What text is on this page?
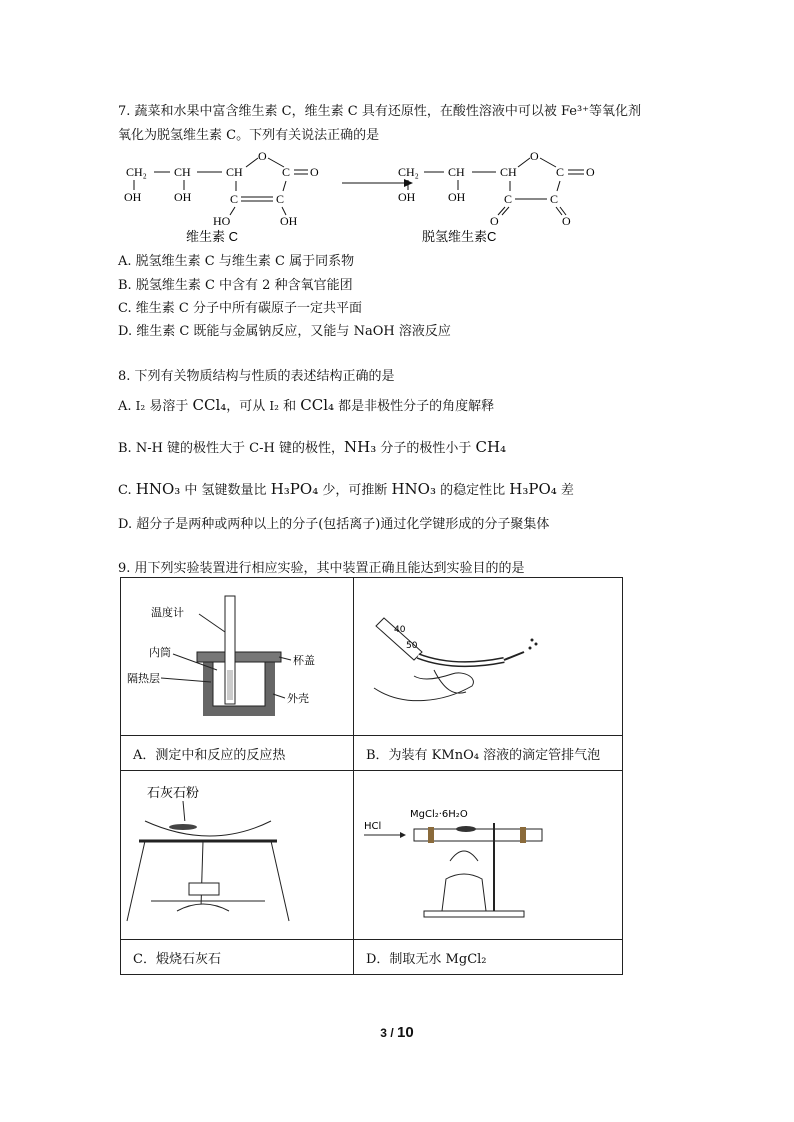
7. 蔬菜和水果中富含维生素 C，维生素 C 具有还原性，在酸性溶液中可以被 Fe³⁺等氧化剂
氧化为脱氢维生素 C。下列有关说法正确的是
CH₂ CH	CH
OH	OH
O
C O
C	C
HO	OH
维生素 C
CH₂ CH	CH
OH	OH
O
C O
C	C
O	O
脱氢维生素C
A. 脱氢维生素 C 与维生素 C 属于同系物
B. 脱氢维生素 C 中含有 2 种含氧官能团
C. 维生素 C 分子中所有碳原子一定共平面
D. 维生素 C 既能与金属钠反应，又能与 NaOH 溶液反应
8. 下列有关物质结构与性质的表述结构正确的是
A. I₂ 易溶于 CCl₄，可从 I₂ 和 CCl₄ 都是非极性分子的角度解释
B. N-H 键的极性大于 C-H 键的极性，NH₃ 分子的极性小于 CH₄
C. HNO₃ 中 氢键数量比 H₃PO₄ 少，可推断 HNO₃ 的稳定性比 H₃PO₄ 差
D. 超分子是两种或两种以上的分子(包括离子)通过化学键形成的分子聚集体
9. 用下列实验装置进行相应实验，其中装置正确且能达到实验目的的是
温度计
内筒
杯盖
隔热层
外壳	40
50

A．测定中和反应的反应热	B．为装有 KMnO₄ 溶液的滴定管排气泡

石灰石粉	HCl
MgCl₂·6H₂O

C．煅烧石灰石	D．制取无水 MgCl₂
3 / 10
